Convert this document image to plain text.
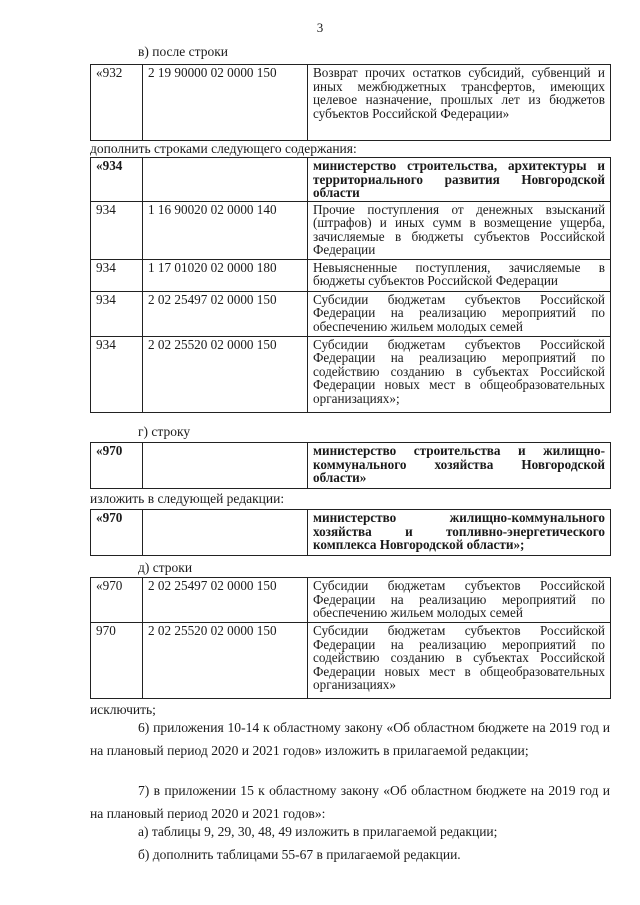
3
в) после строки
«932	2 19 90000 02 0000 150	Возврат прочих остатков субсидий, субвенций и иных межбюджетных трансфертов, имеющих целевое назначение, прошлых лет из бюджетов субъектов Российской Федерации»
дополнить строками следующего содержания:
«934		министерство строительства, архитектуры и территориального развития Новгородской области
934	1 16 90020 02 0000 140	Прочие поступления от денежных взысканий (штрафов) и иных сумм в возмещение ущерба, зачисляемые в бюджеты субъектов Российской Федерации
934	1 17 01020 02 0000 180	Невыясненные поступления, зачисляемые в бюджеты субъектов Российской Федерации
934	2 02 25497 02 0000 150	Субсидии бюджетам субъектов Российской Федерации на реализацию мероприятий по обеспечению жильем молодых семей
934	2 02 25520 02 0000 150	Субсидии бюджетам субъектов Российской Федерации на реализацию мероприятий по содействию созданию в субъектах Российской Федерации новых мест в общеобразовательных организациях»;
г) строку
«970		министерство строительства и жилищно-коммунального хозяйства Новгородской области»
изложить в следующей редакции:
«970		министерство жилищно-коммунального хозяйства и топливно-энергетического комплекса Новгородской области»;
д) строки
«970	2 02 25497 02 0000 150	Субсидии бюджетам субъектов Российской Федерации на реализацию мероприятий по обеспечению жильем молодых семей
970	2 02 25520 02 0000 150	Субсидии бюджетам субъектов Российской Федерации на реализацию мероприятий по содействию созданию в субъектах Российской Федерации новых мест в общеобразовательных организациях»
исключить;

6) приложения 10-14 к областному закону «Об областном бюджете на 2019 год и на плановый период 2020 и 2021 годов» изложить в прилагаемой редакции;

7) в приложении 15 к областному закону «Об областном бюджете на 2019 год и на плановый период 2020 и 2021 годов»:

а) таблицы 9, 29, 30, 48, 49 изложить в прилагаемой редакции;
б) дополнить таблицами 55-67 в прилагаемой редакции.
